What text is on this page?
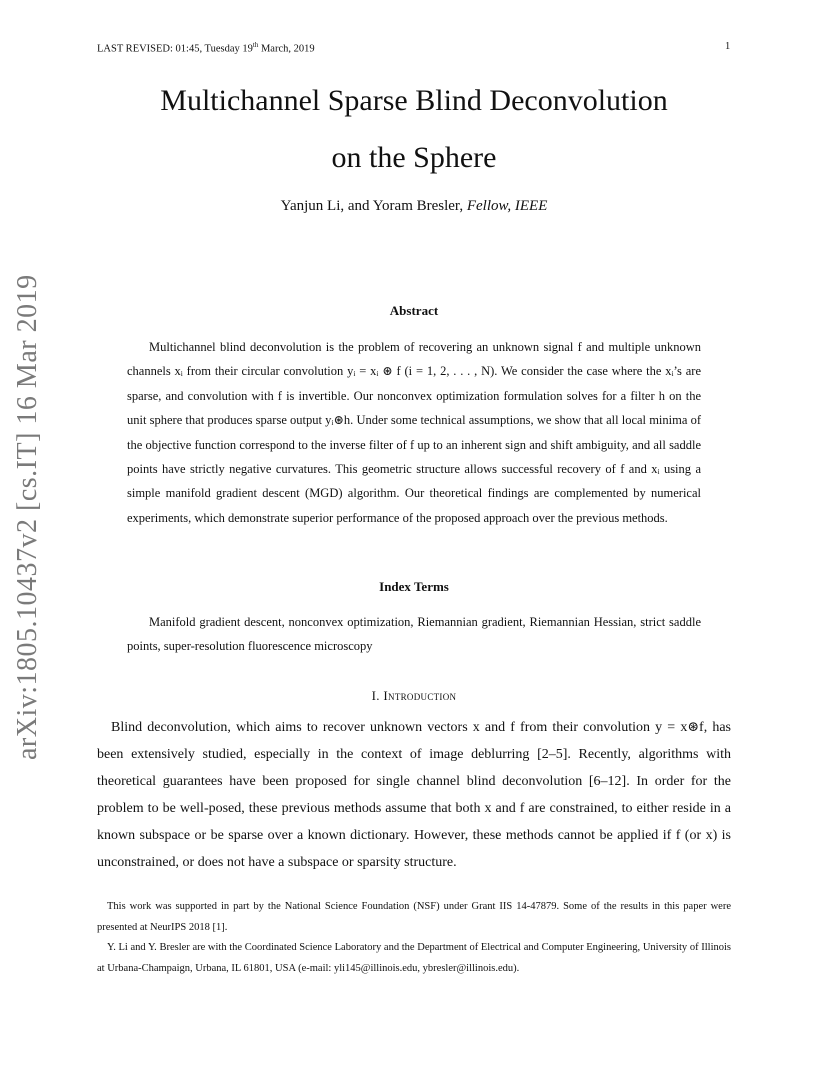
LAST REVISED: 01:45, Tuesday 19th March, 2019	1
arXiv:1805.10437v2 [cs.IT] 16 Mar 2019
Multichannel Sparse Blind Deconvolution
on the Sphere
Yanjun Li, and Yoram Bresler, Fellow, IEEE
Abstract
Multichannel blind deconvolution is the problem of recovering an unknown signal f and multiple unknown channels xᵢ from their circular convolution yᵢ = xᵢ ⊛ f (i = 1, 2, . . . , N). We consider the case where the xᵢ’s are sparse, and convolution with f is invertible. Our nonconvex optimization formulation solves for a filter h on the unit sphere that produces sparse output yᵢ⊛h. Under some technical assumptions, we show that all local minima of the objective function correspond to the inverse filter of f up to an inherent sign and shift ambiguity, and all saddle points have strictly negative curvatures. This geometric structure allows successful recovery of f and xᵢ using a simple manifold gradient descent (MGD) algorithm. Our theoretical findings are complemented by numerical experiments, which demonstrate superior performance of the proposed approach over the previous methods.
Index Terms
Manifold gradient descent, nonconvex optimization, Riemannian gradient, Riemannian Hessian, strict saddle points, super-resolution fluorescence microscopy
I. Introduction
Blind deconvolution, which aims to recover unknown vectors x and f from their convolution y = x⊛f, has been extensively studied, especially in the context of image deblurring [2–5]. Recently, algorithms with theoretical guarantees have been proposed for single channel blind deconvolution [6–12]. In order for the problem to be well-posed, these previous methods assume that both x and f are constrained, to either reside in a known subspace or be sparse over a known dictionary. However, these methods cannot be applied if f (or x) is unconstrained, or does not have a subspace or sparsity structure.
This work was supported in part by the National Science Foundation (NSF) under Grant IIS 14-47879. Some of the results in this paper were presented at NeurIPS 2018 [1].
Y. Li and Y. Bresler are with the Coordinated Science Laboratory and the Department of Electrical and Computer Engineering, University of Illinois at Urbana-Champaign, Urbana, IL 61801, USA (e-mail: yli145@illinois.edu, ybresler@illinois.edu).
